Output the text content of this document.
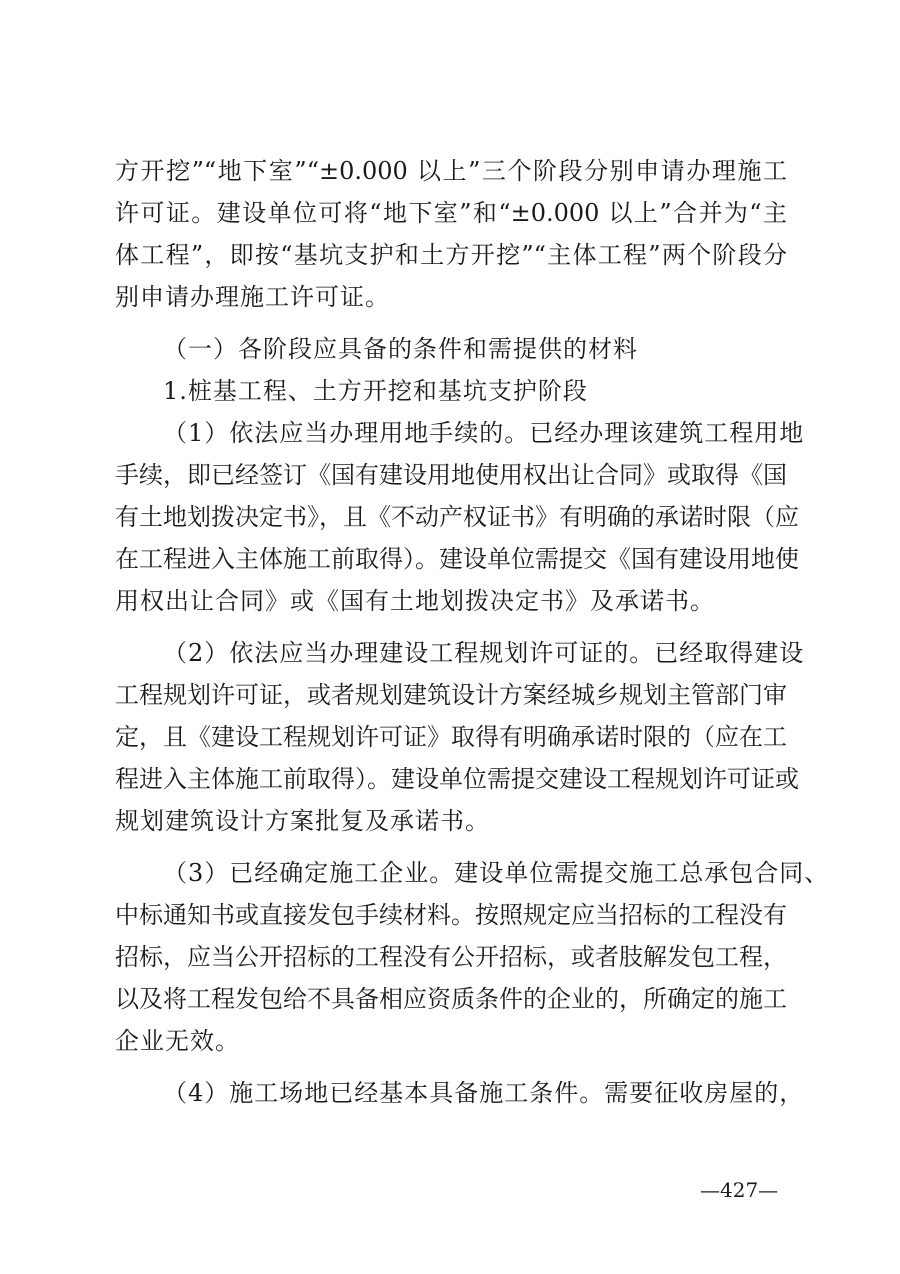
方开挖”“地下室”“±0.000 以上”三个阶段分别申请办理施工
许可证。建设单位可将“地下室”和“±0.000 以上”合并为“主
体工程”，即按“基坑支护和土方开挖”“主体工程”两个阶段分
别申请办理施工许可证。
（一）各阶段应具备的条件和需提供的材料
1.桩基工程、土方开挖和基坑支护阶段
（1）依法应当办理用地手续的。已经办理该建筑工程用地
手续，即已经签订《国有建设用地使用权出让合同》或取得《国
有土地划拨决定书》，且《不动产权证书》有明确的承诺时限（应
在工程进入主体施工前取得）。建设单位需提交《国有建设用地使
用权出让合同》或《国有土地划拨决定书》及承诺书。
（2）依法应当办理建设工程规划许可证的。已经取得建设
工程规划许可证，或者规划建筑设计方案经城乡规划主管部门审
定，且《建设工程规划许可证》取得有明确承诺时限的（应在工
程进入主体施工前取得）。建设单位需提交建设工程规划许可证或
规划建筑设计方案批复及承诺书。
（3）已经确定施工企业。建设单位需提交施工总承包合同、
中标通知书或直接发包手续材料。按照规定应当招标的工程没有
招标，应当公开招标的工程没有公开招标，或者肢解发包工程，
以及将工程发包给不具备相应资质条件的企业的，所确定的施工
企业无效。
（4）施工场地已经基本具备施工条件。需要征收房屋的，
—427—
